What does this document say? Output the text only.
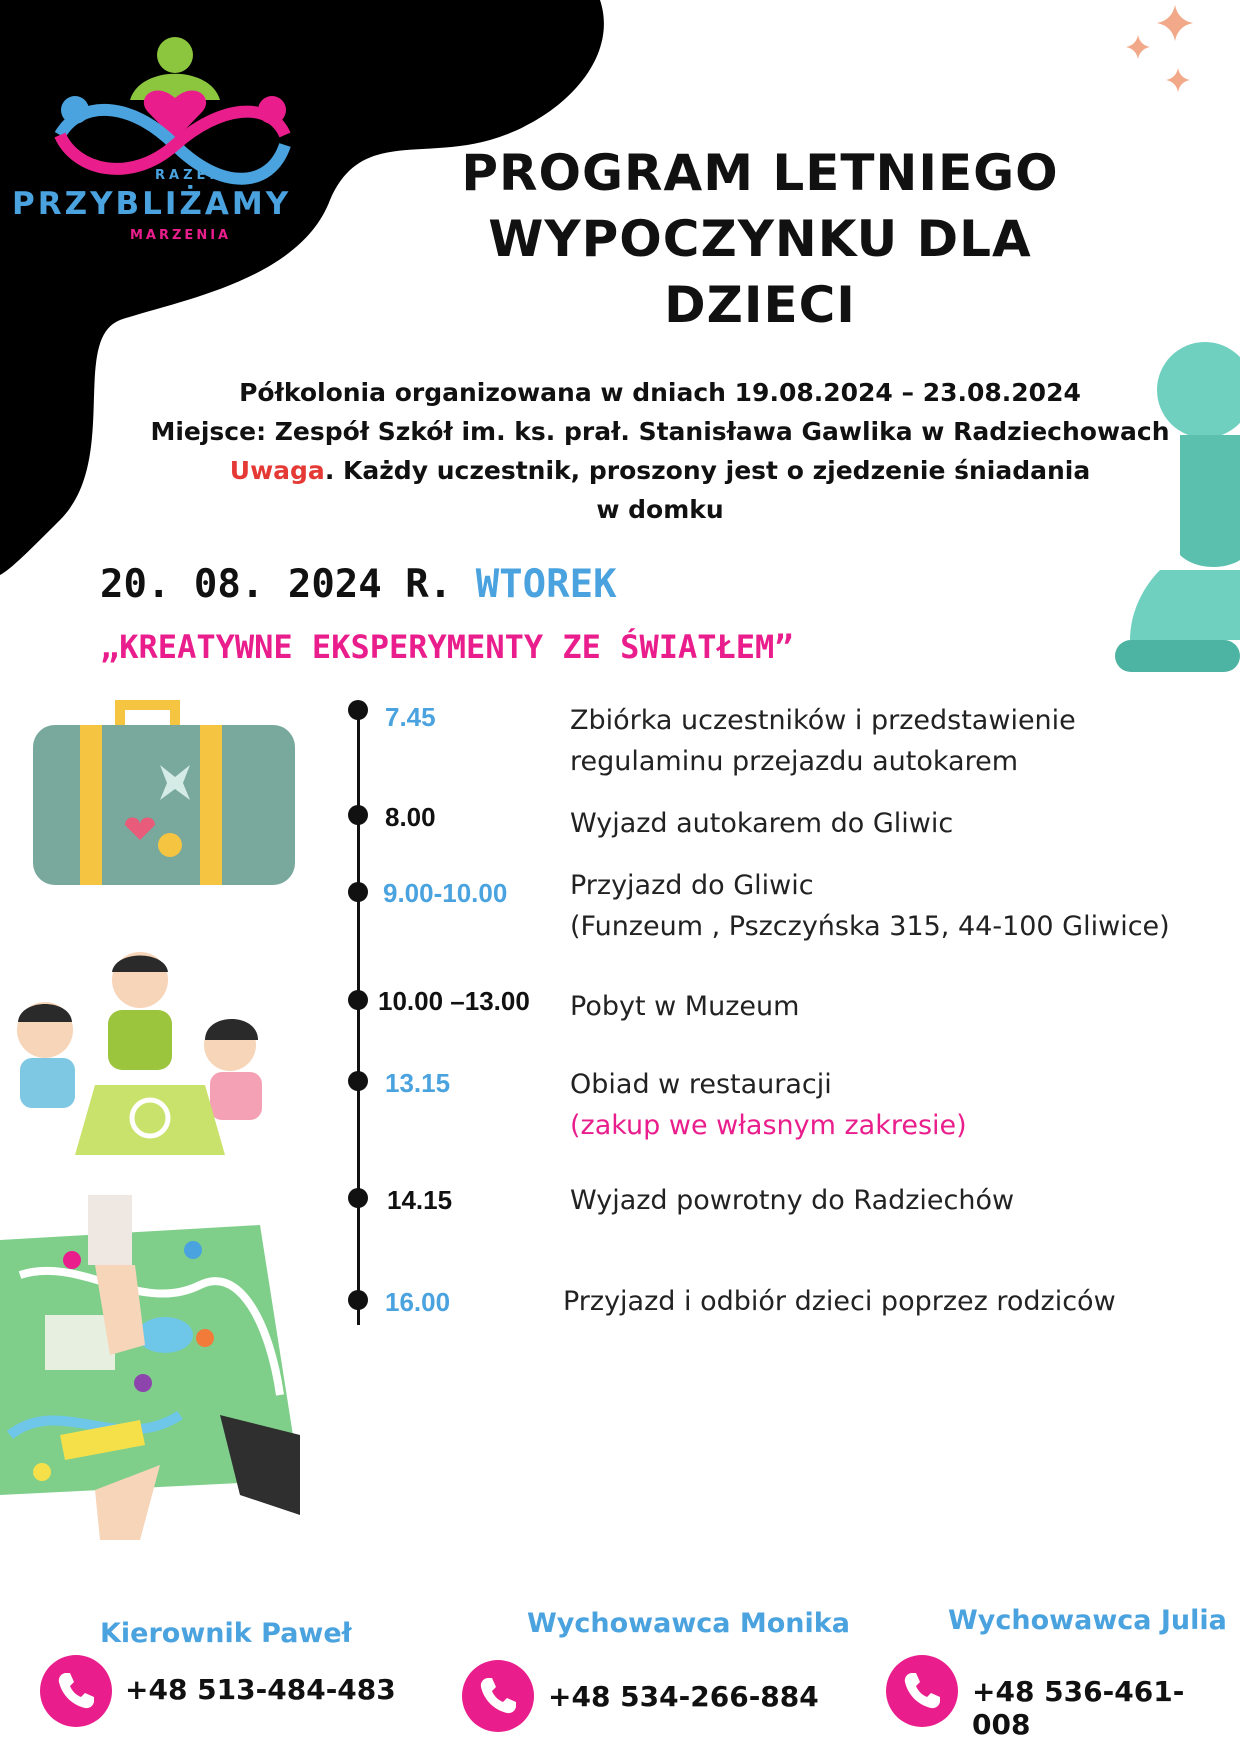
RAZEM
PRZYBLIŻAMY
MARZENIA
PROGRAM LETNIEGO
WYPOCZYNKU DLA
DZIECI
Półkolonia organizowana w dniach 19.08.2024 – 23.08.2024
Miejsce: Zespół Szkół im. ks. prał. Stanisława Gawlika w Radziechowach
Uwaga. Każdy uczestnik, proszony jest o zjedzenie śniadania
w domku
20. 08. 2024 R. WTOREK
„KREATYWNE EKSPERYMENTY ZE ŚWIATŁEM”
7.45	Zbiórka uczestników i przedstawienie
regulaminu przejazdu autokarem
8.00	Wyjazd autokarem do Gliwic
9.00-10.00 Przyjazd do Gliwic
(Funzeum , Pszczyńska 315, 44-100 Gliwice)
10.00 –13.00 Pobyt w Muzeum
13.15	Obiad w restauracji
(zakup we własnym zakresie)
14.15	Wyjazd powrotny do Radziechów
16.00	Przyjazd i odbiór dzieci poprzez rodziców
Kierownik Paweł
+48 513-484-483
Wychowawca Monika
+48 534-266-884
Wychowawca Julia
+48 536-461-008
